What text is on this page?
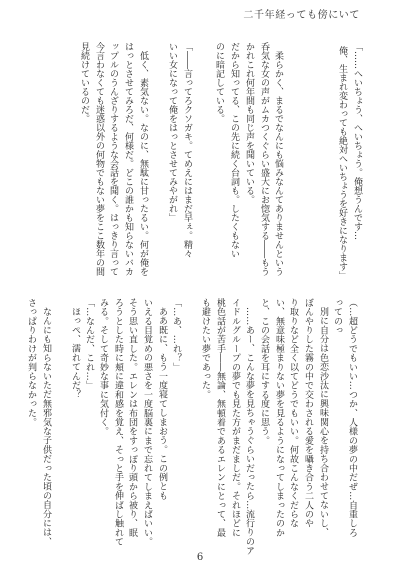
二千年経っても傍にいて
「……へいちょう、へいちょう。俺想うんです…
俺、生まれ変わっても絶対へいちょうを好きになります」
柔らかく、まるでなんにも悩みなんてありませんという
呑気な女の声がムカつくぐらい盛大にお惚気する――もう
かれこれ何年間も同じ声を聞いている。
だから知ってる、この先に続く台詞も。したくもない
のに暗記している。
「――言ってろクソガキ。てめえにはまだ早ぇ。精々
いい女になって俺をはっとさせてみやがれ」
低く、素気ない。なのに、無駄に甘ったるい。何が俺を
はっとさせてみろだ、何様だ。どこの誰かも知らないバカ
ップルのうんざりするような会話を聞く。はっきり言って
今言わなくても迷惑以外の何物でもない夢をここ数年の間
見続けているのだ。
（…超どうでもいい…つか、人様の夢の中だぜ…自重しろ
ってのっ
別に自分は色恋沙汰に興味関心を持ち合わせてないし、
ぼんやりした霧の中で交わされる愛を囁き合う二人のや
り取りなど全く以てどうでもいい。何故こんなくだらな
い、無意味極まりない夢を見るようになってしまったのか
と、この会話を耳にする度に思う。
……あー、こんな夢を見ちゃうぐらいだったら…流行りのア
イドルグループの夢でも見た方がまだましだ。それほどに
桃色話が苦手――無論、無頓着であるエレンにとって、最
も避けたい夢であった。
「…あ、…れ？」
ああ既に、もう一度寝てしまおう。この例とも
いえる目覚めの悪さを一度脳裏にまで忘れてしまえばいい。
そう思い直した。エレンは布団をすっぽり頭から被り、眠
ろうとした時に頬に違和感を覚え、そっと手を伸ばし触れて
みる。そして奇妙な事に気付く。
「…なんだ、これ…」
ほっぺ、濡れてんだ？
なんにも知らないただ無邪気な子供だった頃の自分には、
さっぱりわけが判らなかった。
6
